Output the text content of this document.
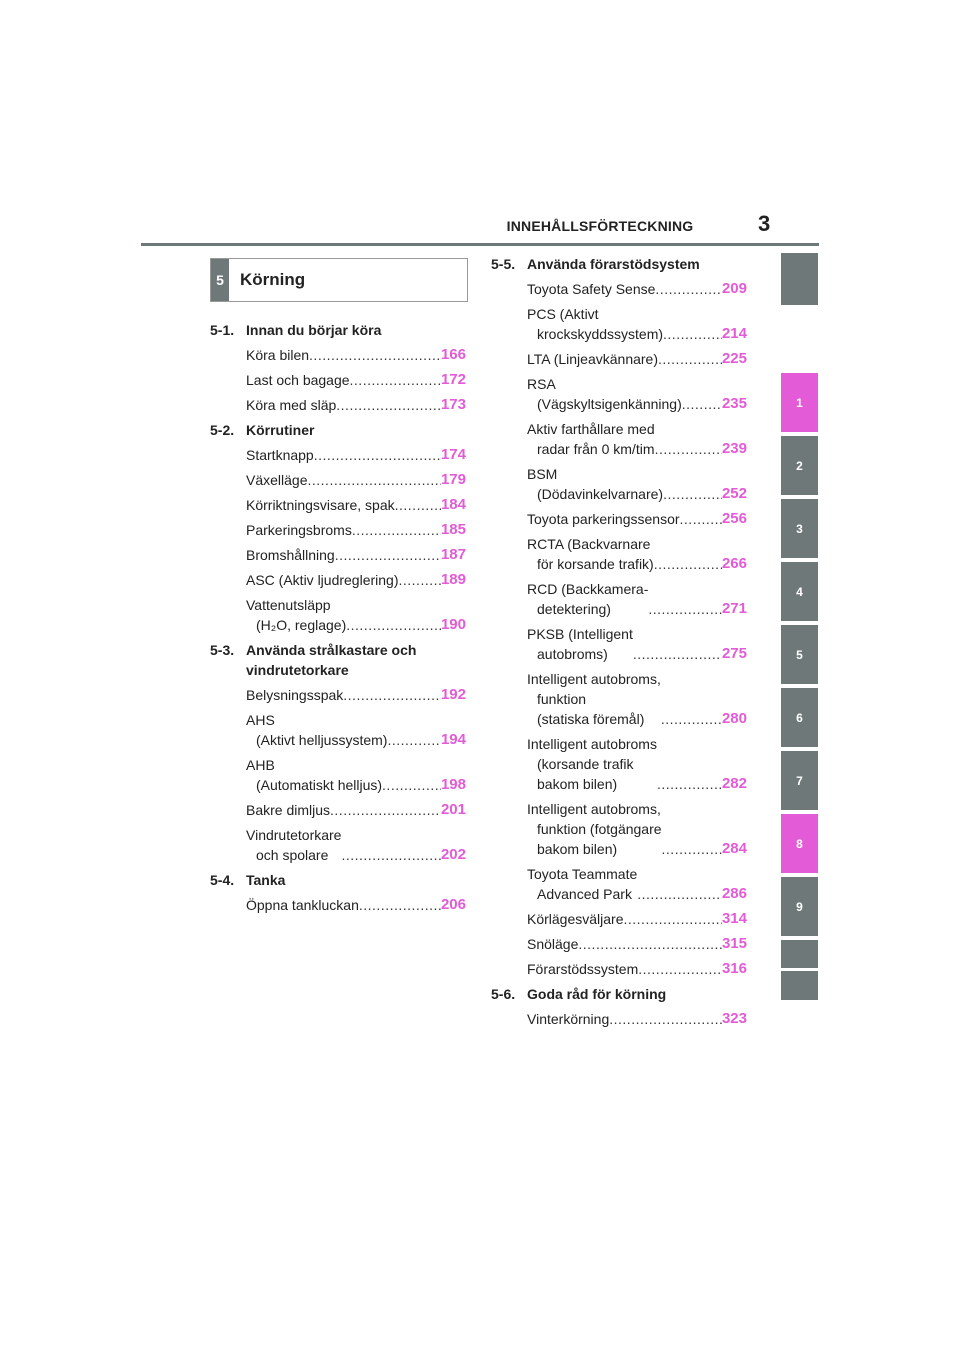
INNEHÅLLSFÖRTECKNING	3
5 Körning
5-1. Innan du börjar köra
Köra bilen .....	166
Last och bagage .....	172
Köra med släp .....	173
5-2. Körrutiner
Startknapp .....	174
Växelläge .....	179
Körriktningsvisare, spak .....	184
Parkeringsbroms .....	185
Bromshållning .....	187
ASC (Aktiv ljudreglering) .....	189
Vattenutsläpp
(H₂O, reglage) .....	190
5-3. Använda strålkastare och vindrutetorkare
Belysningsspak .....	192
AHS
(Aktivt helljussystem) .....	194
AHB
(Automatiskt helljus) .....	198
Bakre dimljus .....	201
Vindrutetorkare
och spolare .....	202
5-4. Tanka
Öppna tankluckan .....	206
5-5. Använda förarstödsystem
Toyota Safety Sense .....	209
PCS (Aktivt
krockskyddssystem) .....	214
LTA (Linjeavkännare) .....	225
RSA
(Vägskyltsigenkänning) .....	235
Aktiv farthållare med
radar från 0 km/tim .....	239
BSM
(Dödavinkelvarnare) .....	252
Toyota parkeringssensor .....	256
RCTA (Backvarnare
för korsande trafik) .....	266
RCD (Backkamera-
detektering) .....	271
PKSB (Intelligent
autobroms) .....	275
Intelligent autobroms,
funktion
(statiska föremål) .....	280
Intelligent autobroms
(korsande trafik
bakom bilen) .....	282
Intelligent autobroms,
funktion (fotgängare
bakom bilen) .....	284
Toyota Teammate
Advanced Park .....	286
Körlägesväljare .....	314
Snöläge .....	315
Förarstödssystem .....	316
5-6. Goda råd för körning
Vinterkörning .....	323
1
2
3
4
5
6
7
8
9
